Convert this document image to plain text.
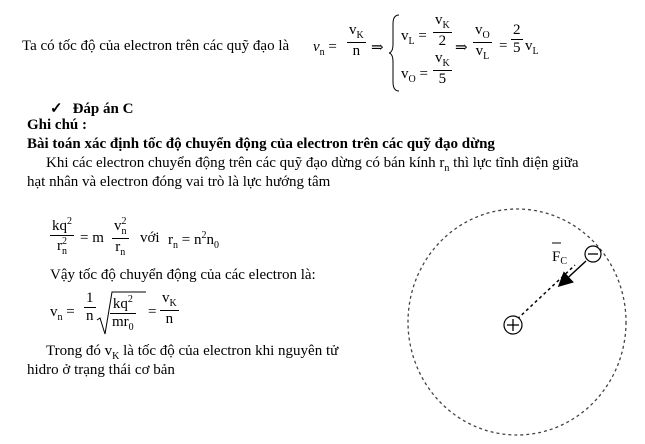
Ta có tốc độ của electron trên các quỹ đạo là $v_n = \frac{v_K}{n}$ ⇒
$v_L = \frac{v_K}{2}$
$v_O = \frac{v_K}{5}$
⇒ $\frac{v_O}{v_L} = \frac{2}{5} v_L$
✓ Đáp án C
Ghi chú :
Bài toán xác định tốc độ chuyển động của electron trên các quỹ đạo dừng
Khi các electron chuyển động trên các quỹ đạo dừng có bán kính $r_n$ thì lực tĩnh điện giữa
hạt nhân và electron đóng vai trò là lực hướng tâm
$\frac{kq^2}{r_n^2} = m \frac{v_n^2}{r_n}$ với $r_n = n^2n_0$
Vậy tốc độ chuyển động của các electron là:
$v_n = \frac{1}{n} \frac{kq^2}{mr_0} = \frac{v_K}{n}$
Trong đó $v_K$ là tốc độ của electron khi nguyên tử
hidro ở trạng thái cơ bản
$F_C$
